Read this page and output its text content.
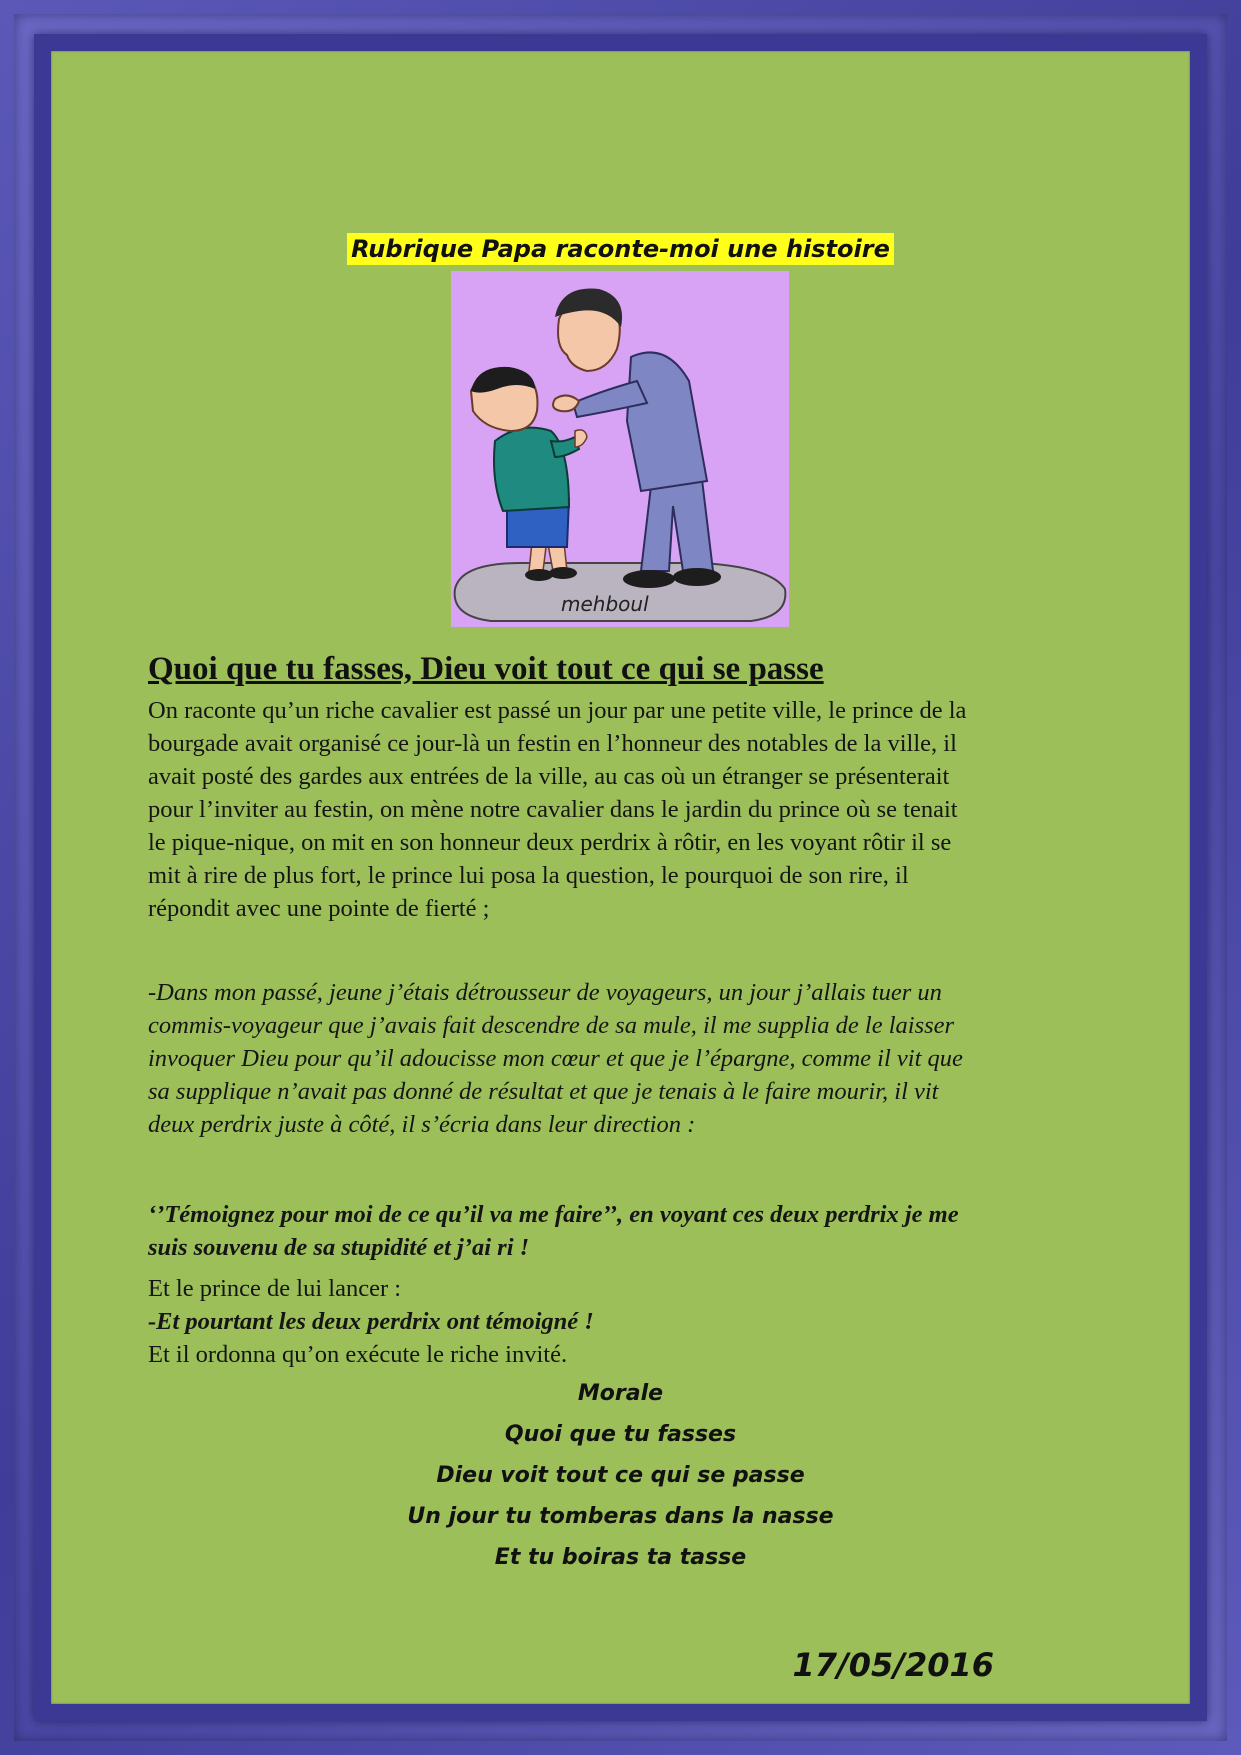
Rubrique Papa raconte-moi une histoire
mehboul
Quoi que tu fasses, Dieu voit tout ce qui se passe

On raconte qu’un riche cavalier est passé un jour par une petite ville, le prince de la bourgade avait organisé ce jour-là un festin en l’honneur des notables de la ville, il avait posté des gardes aux entrées de la ville, au cas où un étranger se présenterait pour l’inviter au festin, on mène notre cavalier dans le jardin du prince où se tenait le pique-nique, on mit en son honneur deux perdrix à rôtir, en les voyant rôtir il se mit à rire de plus fort, le prince lui posa la question, le pourquoi de son rire, il répondit avec une pointe de fierté ;

-Dans mon passé, jeune j’étais détrousseur de voyageurs, un jour j’allais tuer un commis-voyageur que j’avais fait descendre de sa mule, il me supplia de le laisser invoquer Dieu pour qu’il adoucisse mon cœur et que je l’épargne, comme il vit que sa supplique n’avait pas donné de résultat et que je tenais à le faire mourir, il vit deux perdrix juste à côté, il s’écria dans leur direction :

‘’Témoignez pour moi de ce qu’il va me faire’’, en voyant ces deux perdrix je me suis souvenu de sa stupidité et j’ai ri !

Et le prince de lui lancer :
-Et pourtant les deux perdrix ont témoigné !
Et il ordonna qu’on exécute le riche invité.
Morale
Quoi que tu fasses
Dieu voit tout ce qui se passe
Un jour tu tomberas dans la nasse
Et tu boiras ta tasse
17/05/2016
